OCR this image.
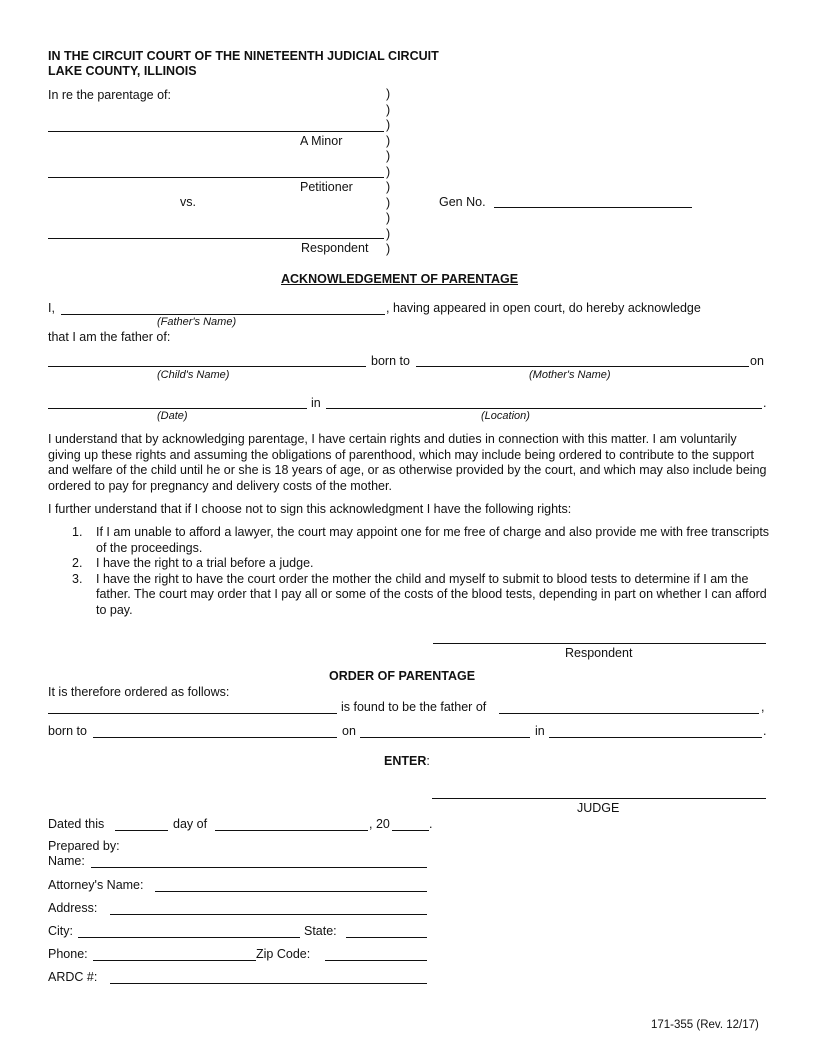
IN THE CIRCUIT COURT OF THE NINETEENTH JUDICIAL CIRCUIT
LAKE COUNTY, ILLINOIS
In re the parentage of:	)
)
)
)
)
)
)
)
)
)
)
A Minor
Petitioner
vs.	Gen No.
Respondent
ACKNOWLEDGEMENT OF PARENTAGE
I,	, having appeared in open court, do hereby acknowledge
(Father's Name)
that I am the father of:
born to	on
(Child's Name)	(Mother's Name)
in	.
(Date)	(Location)
I understand that by acknowledging parentage, I have certain rights and duties in connection with this matter. I am voluntarily giving up these rights and assuming the obligations of parenthood, which may include being ordered to contribute to the support and welfare of the child until he or she is 18 years of age, or as otherwise provided by the court, and which may also include being ordered to pay for pregnancy and delivery costs of the mother.
I further understand that if I choose not to sign this acknowledgment I have the following rights:
1. If I am unable to afford a lawyer, the court may appoint one for me free of charge and also provide me with free transcripts of the proceedings.
2. I have the right to a trial before a judge.
3. I have the right to have the court order the mother the child and myself to submit to blood tests to determine if I am the father. The court may order that I pay all or some of the costs of the blood tests, depending in part on whether I can afford to pay.
Respondent
ORDER OF PARENTAGE
It is therefore ordered as follows:
is found to be the father of	,
born to	on	in	.
ENTER:
JUDGE
Dated this	day of	, 20	.
Prepared by:
Name:
Attorney's Name:
Address:
City:	State:
Phone:	Zip Code:
ARDC #:
171-355 (Rev. 12/17)
